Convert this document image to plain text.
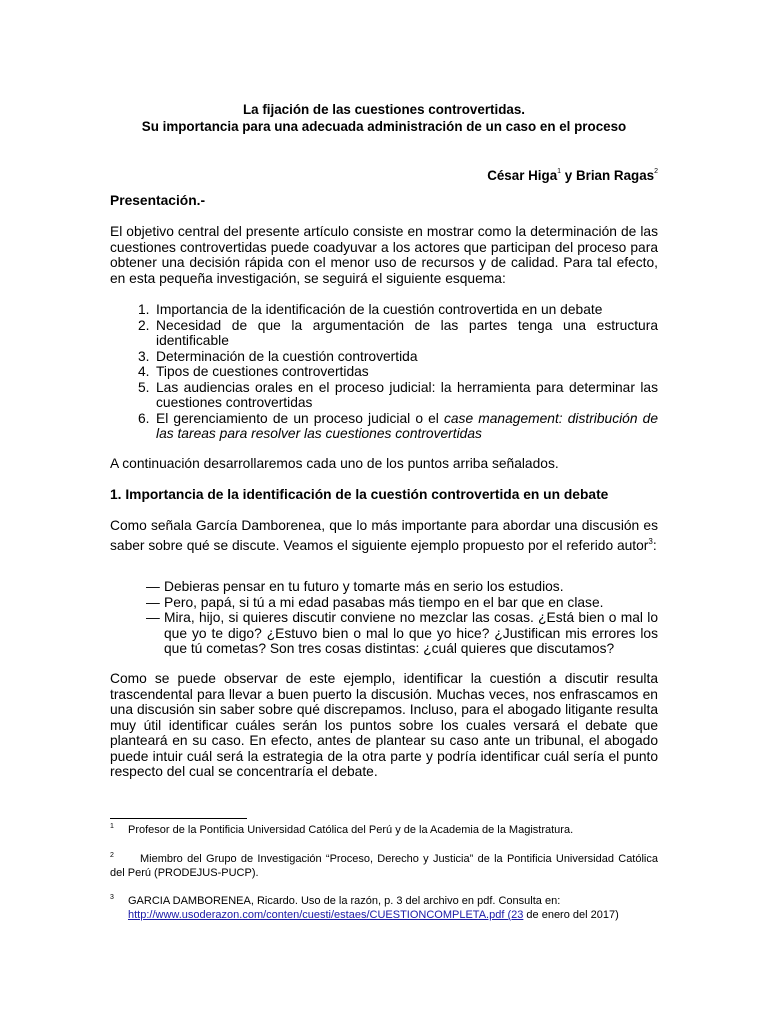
La fijación de las cuestiones controvertidas.
Su importancia para una adecuada administración de un caso en el proceso
César Higa$^1$ y Brian Ragas$^2$
Presentación.-
El objetivo central del presente artículo consiste en mostrar como la determinación de las cuestiones controvertidas puede coadyuvar a los actores que participan del proceso para obtener una decisión rápida con el menor uso de recursos y de calidad. Para tal efecto, en esta pequeña investigación, se seguirá el siguiente esquema:
1. Importancia de la identificación de la cuestión controvertida en un debate
2. Necesidad de que la argumentación de las partes tenga una estructura identificable
3. Determinación de la cuestión controvertida
4. Tipos de cuestiones controvertidas
5. Las audiencias orales en el proceso judicial: la herramienta para determinar las cuestiones controvertidas
6. El gerenciamiento de un proceso judicial o el case management: distribución de las tareas para resolver las cuestiones controvertidas
A continuación desarrollaremos cada uno de los puntos arriba señalados.
1. Importancia de la identificación de la cuestión controvertida en un debate
Como señala García Damborenea, que lo más importante para abordar una discusión es saber sobre qué se discute. Veamos el siguiente ejemplo propuesto por el referido autor$^3$:
— Debieras pensar en tu futuro y tomarte más en serio los estudios.
— Pero, papá, si tú a mi edad pasabas más tiempo en el bar que en clase.
— Mira, hijo, si quieres discutir conviene no mezclar las cosas. ¿Está bien o mal lo que yo te digo? ¿Estuvo bien o mal lo que yo hice? ¿Justifican mis errores los que tú cometas? Son tres cosas distintas: ¿cuál quieres que discutamos?
Como se puede observar de este ejemplo, identificar la cuestión a discutir resulta trascendental para llevar a buen puerto la discusión. Muchas veces, nos enfrascamos en una discusión sin saber sobre qué discrepamos. Incluso, para el abogado litigante resulta muy útil identificar cuáles serán los puntos sobre los cuales versará el debate que planteará en su caso. En efecto, antes de plantear su caso ante un tribunal, el abogado puede intuir cuál será la estrategia de la otra parte y podría identificar cuál sería el punto respecto del cual se concentraría el debate.
1	Profesor de la Pontificia Universidad Católica del Perú y de la Academia de la Magistratura.
2	Miembro del Grupo de Investigación “Proceso, Derecho y Justicia” de la Pontificia Universidad Católica del Perú (PRODEJUS-PUCP).
3	GARCIA DAMBORENEA, Ricardo. Uso de la razón, p. 3 del archivo en pdf. Consulta en:
http://www.usoderazon.com/conten/cuesti/estaes/CUESTIONCOMPLETA.pdf (23 de enero del 2017)
